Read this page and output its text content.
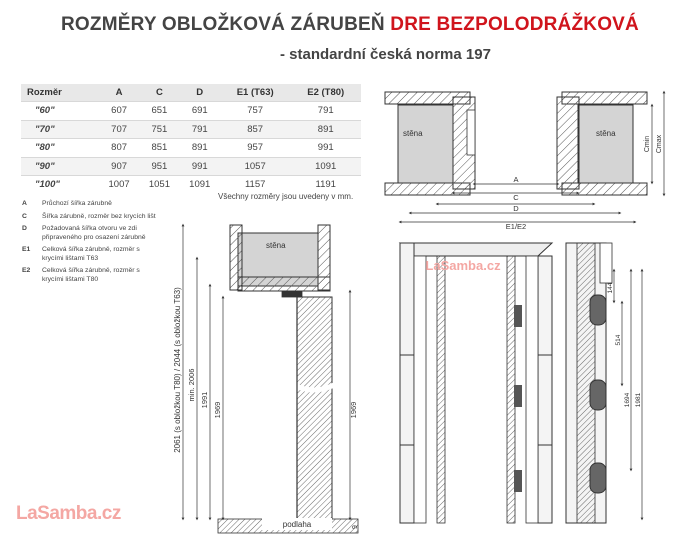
ROZMĚRY OBLOŽKOVÁ ZÁRUBEŇ DRE BEZPOLODRÁŽKOVÁ
- standardní česká norma 197
Rozměr	A	C	D	E1 (T63)	E2 (T80)
"60"	607	651	691	757	791
"70"	707	751	791	857	891
"80"	807	851	891	957	991
"90"	907	951	991	1057	1091
"100"	1007	1051	1091	1157	1191
Všechny rozměry jsou uvedeny v mm.
A	Průchozí šířka zárubně
C	Šířka zárubně, rozměr bez krycích lišt
D	Požadovaná šířka otvoru ve zdi připraveného pro osazení zárubně
E1	Celková šířka zárubně, rozměr s krycími lištami T63
E2	Celková šířka zárubně, rozměr s krycími lištami T80
LaSamba.cz
stěna	stěna
A
C
D
E1/E2
Cmin Cmax
stěna
podlaha
2061 (s obložkou T80) / 2044 (s obložkou T63) min. 2006 1991
1969	1969
9
LaSamba.cz
144
514
1694 1981
